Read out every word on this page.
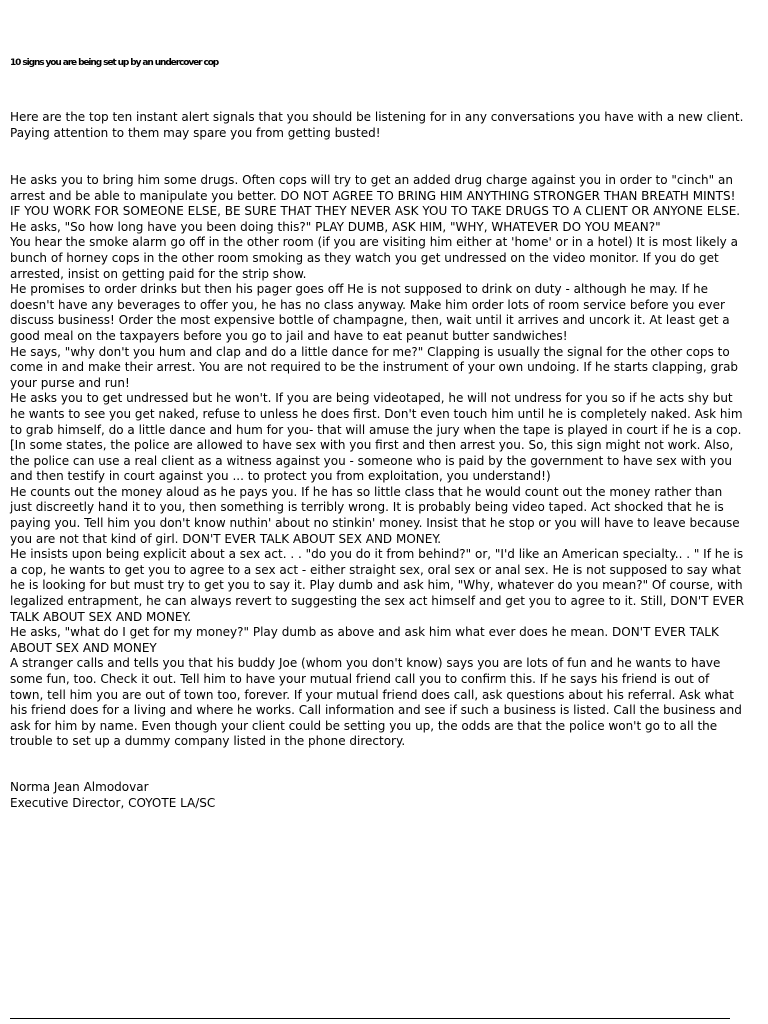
10 signs you are being set up by an undercover cop

Here are the top ten instant alert signals that you should be listening for in any conversations you have with a new client. Paying attention to them may spare you from getting busted!

He asks you to bring him some drugs. Often cops will try to get an added drug charge against you in order to "cinch" an arrest and be able to manipulate you better. DO NOT AGREE TO BRING HIM ANYTHING STRONGER THAN BREATH MINTS! IF YOU WORK FOR SOMEONE ELSE, BE SURE THAT THEY NEVER ASK YOU TO TAKE DRUGS TO A CLIENT OR ANYONE ELSE.

He asks, "So how long have you been doing this?" PLAY DUMB, ASK HIM, "WHY, WHATEVER DO YOU MEAN?"

You hear the smoke alarm go off in the other room (if you are visiting him either at 'home' or in a hotel) It is most likely a bunch of horney cops in the other room smoking as they watch you get undressed on the video monitor. If you do get arrested, insist on getting paid for the strip show.

He promises to order drinks but then his pager goes off He is not supposed to drink on duty - although he may. If he doesn't have any beverages to offer you, he has no class anyway. Make him order lots of room service before you ever discuss business! Order the most expensive bottle of champagne, then, wait until it arrives and uncork it. At least get a good meal on the taxpayers before you go to jail and have to eat peanut butter sandwiches!

He says, "why don't you hum and clap and do a little dance for me?" Clapping is usually the signal for the other cops to come in and make their arrest. You are not required to be the instrument of your own undoing. If he starts clapping, grab your purse and run!

He asks you to get undressed but he won't. If you are being videotaped, he will not undress for you so if he acts shy but he wants to see you get naked, refuse to unless he does first. Don't even touch him until he is completely naked. Ask him to grab himself, do a little dance and hum for you- that will amuse the jury when the tape is played in court if he is a cop. [In some states, the police are allowed to have sex with you first and then arrest you. So, this sign might not work. Also, the police can use a real client as a witness against you - someone who is paid by the government to have sex with you and then testify in court against you ... to protect you from exploitation, you understand!)

He counts out the money aloud as he pays you. If he has so little class that he would count out the money rather than just discreetly hand it to you, then something is terribly wrong. It is probably being video taped. Act shocked that he is paying you. Tell him you don't know nuthin' about no stinkin' money. Insist that he stop or you will have to leave because you are not that kind of girl. DON'T EVER TALK ABOUT SEX AND MONEY.

He insists upon being explicit about a sex act. . . "do you do it from behind?" or, "I'd like an American specialty.. . " If he is a cop, he wants to get you to agree to a sex act - either straight sex, oral sex or anal sex. He is not supposed to say what he is looking for but must try to get you to say it. Play dumb and ask him, "Why, whatever do you mean?" Of course, with legalized entrapment, he can always revert to suggesting the sex act himself and get you to agree to it. Still, DON'T EVER TALK ABOUT SEX AND MONEY.

He asks, "what do I get for my money?" Play dumb as above and ask him what ever does he mean. DON'T EVER TALK ABOUT SEX AND MONEY

A stranger calls and tells you that his buddy Joe (whom you don't know) says you are lots of fun and he wants to have some fun, too. Check it out. Tell him to have your mutual friend call you to confirm this. If he says his friend is out of town, tell him you are out of town too, forever. If your mutual friend does call, ask questions about his referral. Ask what his friend does for a living and where he works. Call information and see if such a business is listed. Call the business and ask for him by name. Even though your client could be setting you up, the odds are that the police won't go to all the trouble to set up a dummy company listed in the phone directory.

Norma Jean Almodovar

Executive Director, COYOTE LA/SC
